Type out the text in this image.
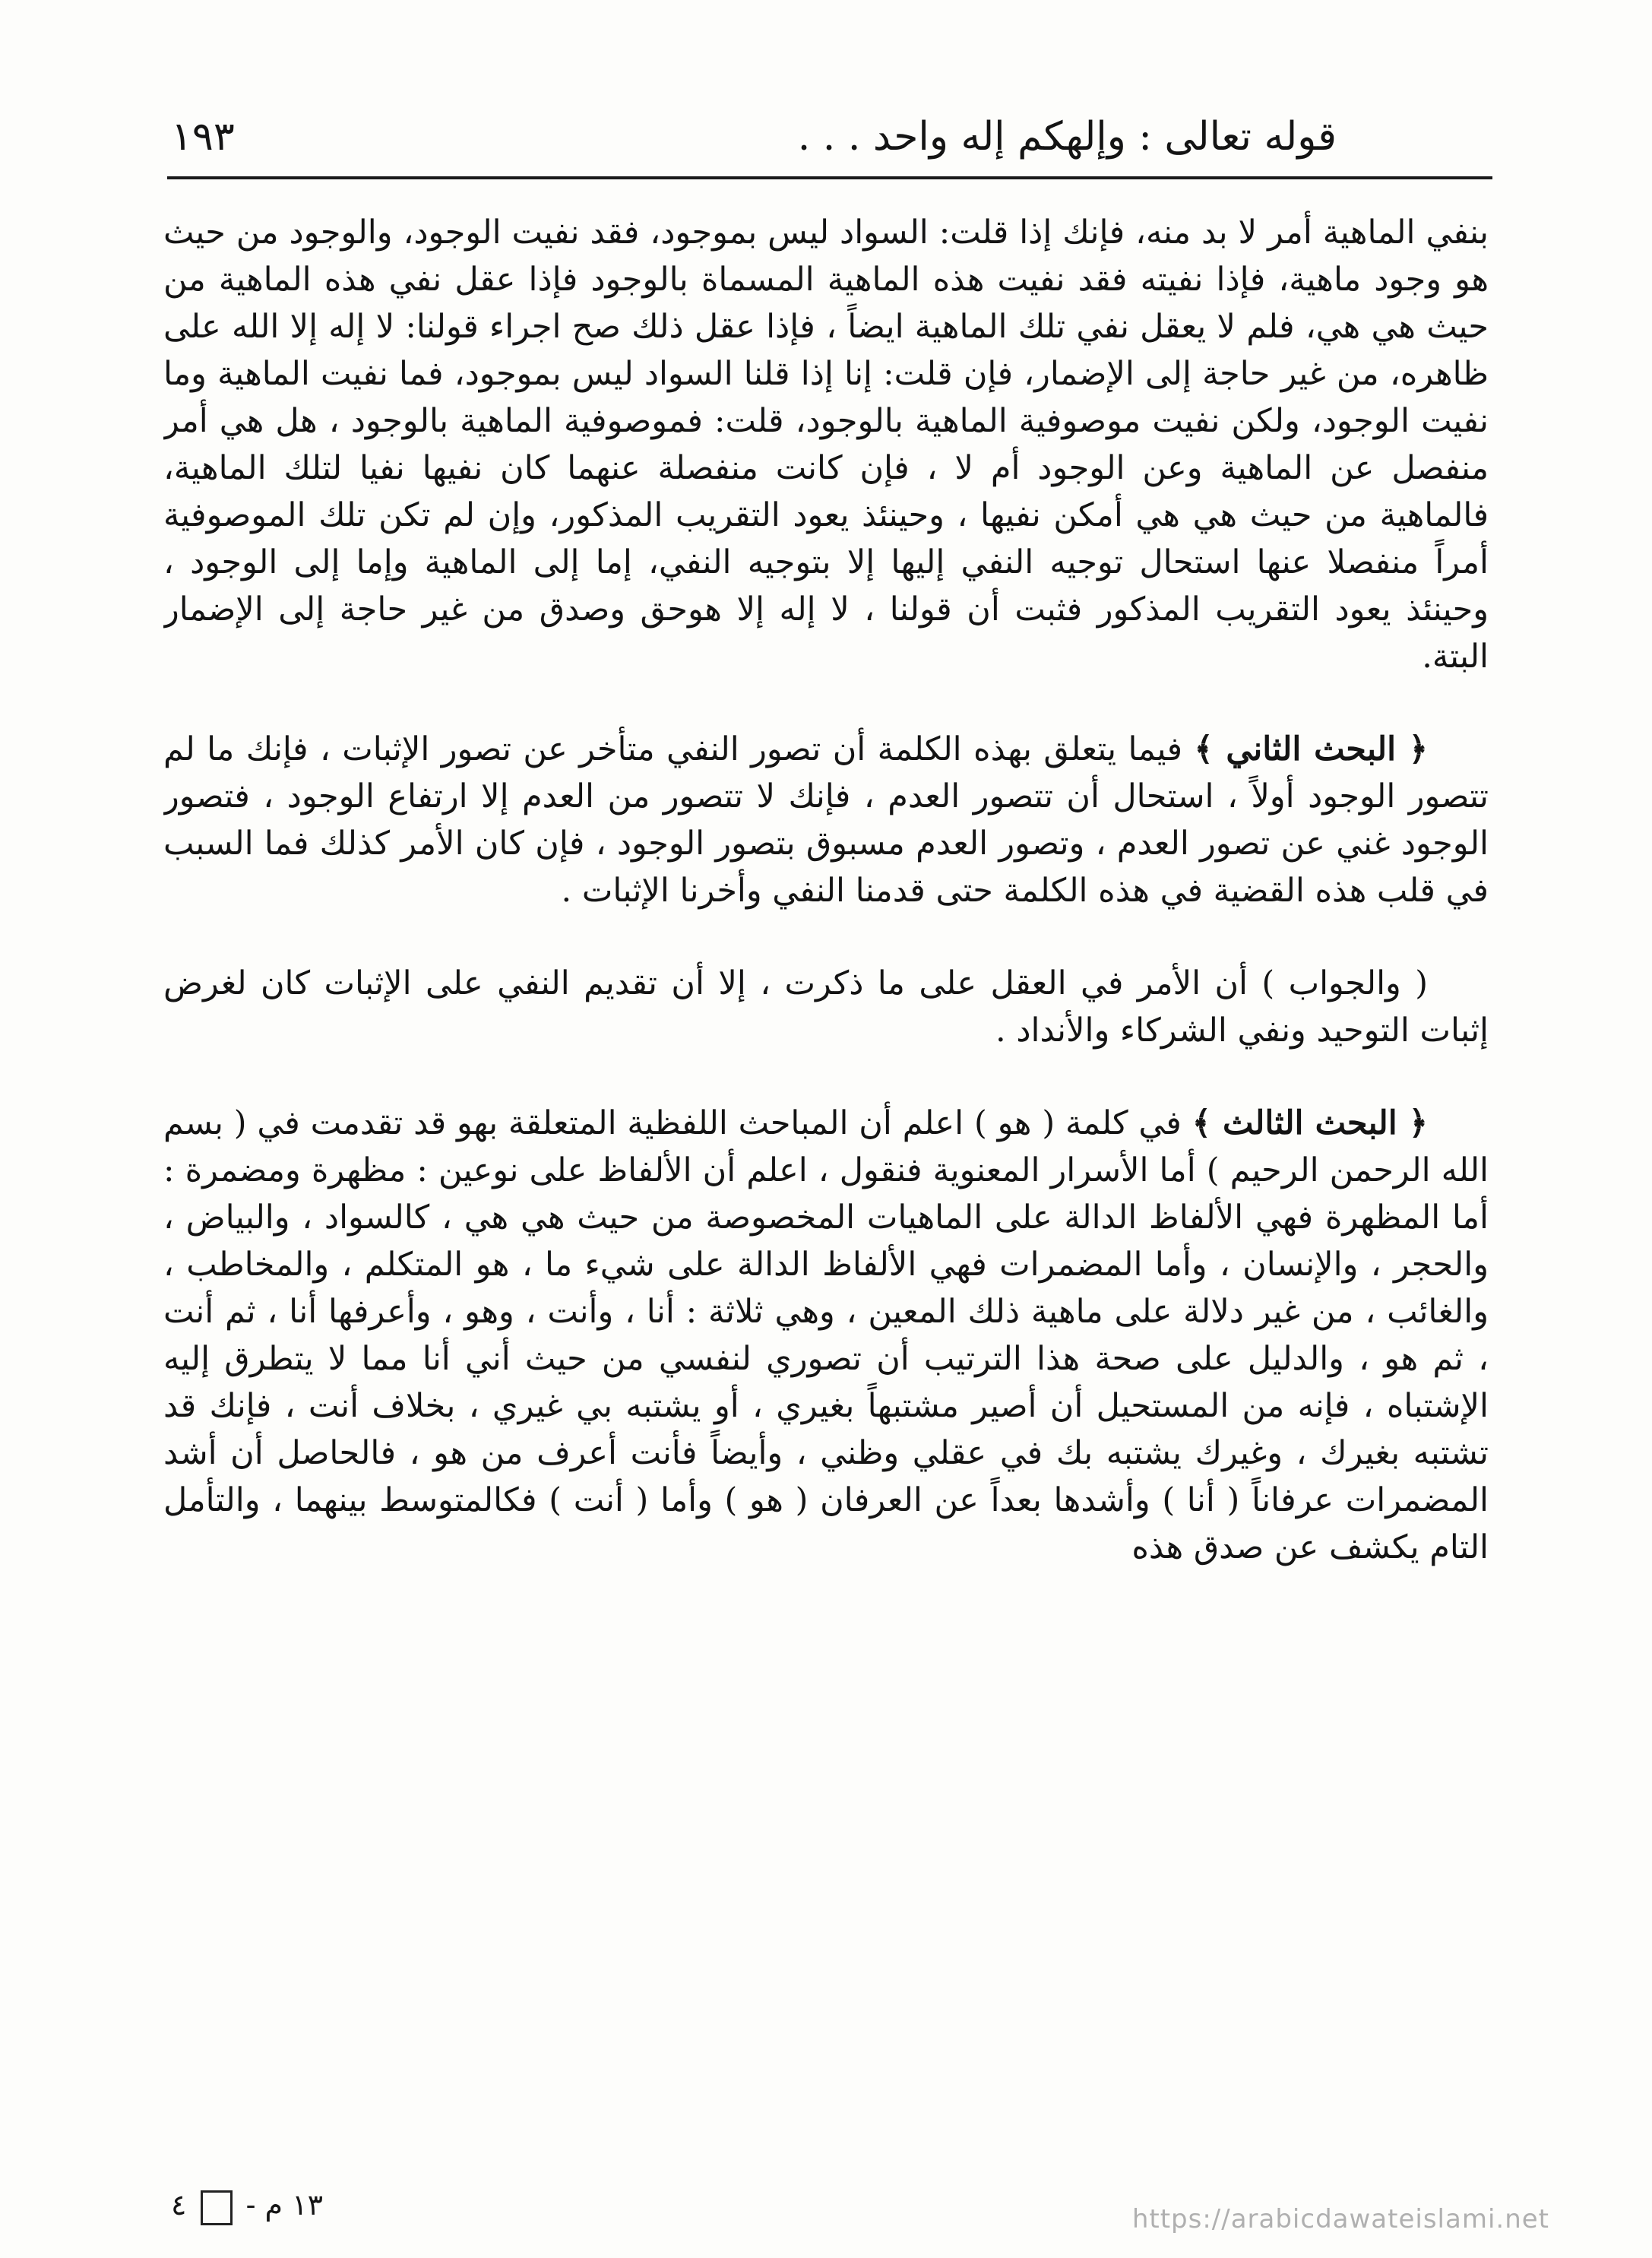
قوله تعالى : وإلهكم إله واحد . . .
١٩٣

بنفي الماهية أمر لا بد منه، فإنك إذا قلت: السواد ليس بموجود، فقد نفيت الوجود، والوجود من حيث هو وجود ماهية، فإذا نفيته فقد نفيت هذه الماهية المسماة بالوجود فإذا عقل نفي هذه الماهية من حيث هي هي، فلم لا يعقل نفي تلك الماهية ايضاً ، فإذا عقل ذلك صح اجراء قولنا: لا إله إلا الله على ظاهره، من غير حاجة إلى الإضمار، فإن قلت: إنا إذا قلنا السواد ليس بموجود، فما نفيت الماهية وما نفيت الوجود، ولكن نفيت موصوفية الماهية بالوجود، قلت: فموصوفية الماهية بالوجود ، هل هي أمر منفصل عن الماهية وعن الوجود أم لا ، فإن كانت منفصلة عنهما كان نفيها نفيا لتلك الماهية، فالماهية من حيث هي هي أمكن نفيها ، وحينئذ يعود التقريب المذكور، وإن لم تكن تلك الموصوفية أمراً منفصلا عنها استحال توجيه النفي إليها إلا بتوجيه النفي، إما إلى الماهية وإما إلى الوجود ، وحينئذ يعود التقريب المذكور فثبت أن قولنا ، لا إله إلا هوحق وصدق من غير حاجة إلى الإضمار البتة.

﴿ البحث الثاني ﴾ فيما يتعلق بهذه الكلمة أن تصور النفي متأخر عن تصور الإثبات ، فإنك ما لم تتصور الوجود أولاً ، استحال أن تتصور العدم ، فإنك لا تتصور من العدم إلا ارتفاع الوجود ، فتصور الوجود غني عن تصور العدم ، وتصور العدم مسبوق بتصور الوجود ، فإن كان الأمر كذلك فما السبب في قلب هذه القضية في هذه الكلمة حتى قدمنا النفي وأخرنا الإثبات .

( والجواب ) أن الأمر في العقل على ما ذكرت ، إلا أن تقديم النفي على الإثبات كان لغرض إثبات التوحيد ونفي الشركاء والأنداد .

﴿ البحث الثالث ﴾ في كلمة ( هو ) اعلم أن المباحث اللفظية المتعلقة بهو قد تقدمت في ( بسم الله الرحمن الرحيم ) أما الأسرار المعنوية فنقول ، اعلم أن الألفاظ على نوعين : مظهرة ومضمرة : أما المظهرة فهي الألفاظ الدالة على الماهيات المخصوصة من حيث هي هي ، كالسواد ، والبياض ، والحجر ، والإنسان ، وأما المضمرات فهي الألفاظ الدالة على شيء ما ، هو المتكلم ، والمخاطب ، والغائب ، من غير دلالة على ماهية ذلك المعين ، وهي ثلاثة : أنا ، وأنت ، وهو ، وأعرفها أنا ، ثم أنت ، ثم هو ، والدليل على صحة هذا الترتيب أن تصوري لنفسي من حيث أني أنا مما لا يتطرق إليه الإشتباه ، فإنه من المستحيل أن أصير مشتبهاً بغيري ، أو يشتبه بي غيري ، بخلاف أنت ، فإنك قد تشتبه بغيرك ، وغيرك يشتبه بك في عقلي وظني ، وأيضاً فأنت أعرف من هو ، فالحاصل أن أشد المضمرات عرفاناً ( أنا ) وأشدها بعداً عن العرفان ( هو ) وأما ( أنت ) فكالمتوسط بينهما ، والتأمل التام يكشف عن صدق هذه

١٣ م -  ٤	https://arabicdawateislami.net
